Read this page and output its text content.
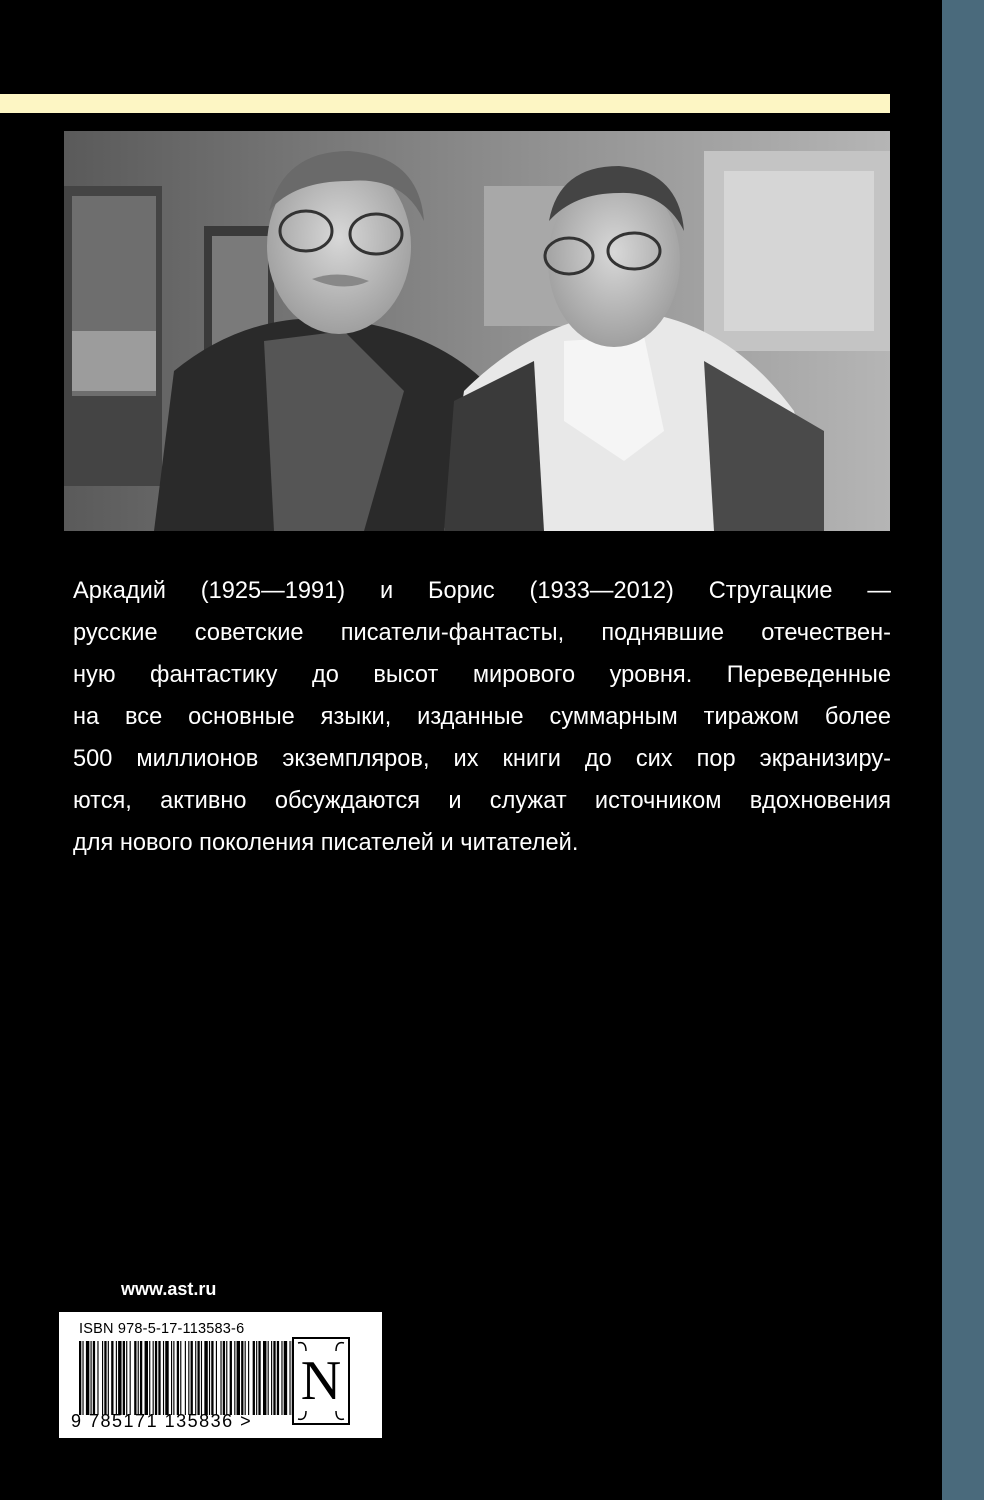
Аркадий (1925—1991) и Борис (1933—2012) Стругацкие —
русские советские писатели-фантасты, поднявшие отечествен-
ную фантастику до высот мирового уровня. Переведенные
на все основные языки, изданные суммарным тиражом более
500 миллионов экземпляров, их книги до сих пор экранизиру-
ются, активно обсуждаются и служат источником вдохновения
для нового поколения писателей и читателей.
www.ast.ru
ISBN 978-5-17-113583-6
9 785171 135836 >
N
